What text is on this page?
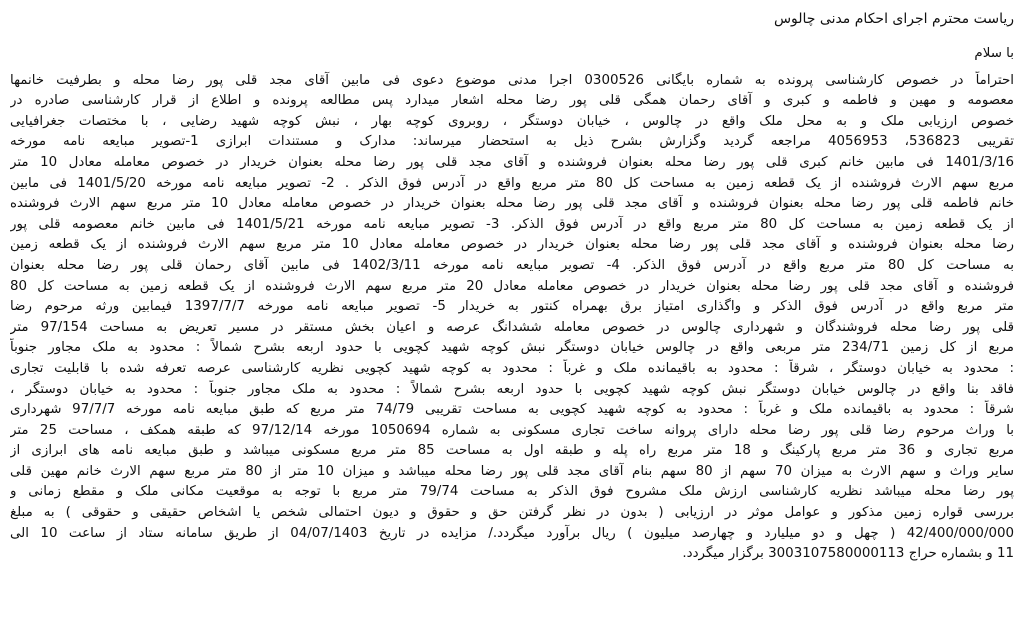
ریاست محترم اجرای احکام مدنی چالوس
با سلام
احتراماً در خصوص کارشناسی پرونده به شماره بایگانی 0300526 اجرا مدنی موضوع دعوی فی مابین آقای مجد قلی پور رضا محله و بطرفیت خانمها
معصومه و مهین و فاطمه و کبری و آقای رحمان همگی قلی پور رضا محله اشعار میدارد پس مطالعه پرونده و اطلاع از قرار کارشناسی صادره در
خصوص ارزیابی ملک و به محل ملک واقع در چالوس ، خیابان دوستگر ، روبروی کوچه بهار ، نبش کوچه شهید رضایی ، با مختصات جغرافیایی
تقریبی 536823، 4056953 مراجعه گردید وگزارش بشرح ذیل به استحضار میرساند: مدارک و مستندات ابرازی 1-تصویر مبایعه نامه مورخه
1401/3/16 فی مابین خانم کبری قلی پور رضا محله بعنوان فروشنده و آقای مجد قلی پور رضا محله بعنوان خریدار در خصوص معامله معادل 10 متر
مربع سهم الارث فروشنده از یک قطعه زمین به مساحت کل 80 متر مربع واقع در آدرس فوق الذکر . 2- تصویر مبایعه نامه مورخه 1401/5/20 فی مابین
خانم فاطمه قلی پور رضا محله بعنوان فروشنده و آقای مجد قلی پور رضا محله بعنوان خریدار در خصوص معامله معادل 10 متر مربع سهم الارث فروشنده
از یک قطعه زمین به مساحت کل 80 متر مربع واقع در آدرس فوق الذکر. 3- تصویر مبایعه نامه مورخه 1401/5/21 فی مابین خانم معصومه قلی پور
رضا محله بعنوان فروشنده و آقای مجد قلی پور رضا محله بعنوان خریدار در خصوص معامله معادل 10 متر مربع سهم الارث فروشنده از یک قطعه زمین
به مساحت کل 80 متر مربع واقع در آدرس فوق الذکر. 4- تصویر مبایعه نامه مورخه 1402/3/11 فی مابین آقای رحمان قلی پور رضا محله بعنوان
فروشنده و آقای مجد قلی پور رضا محله بعنوان خریدار در خصوص معامله معادل 20 متر مربع سهم الارث فروشنده از یک قطعه زمین به مساحت کل 80
متر مربع واقع در آدرس فوق الذکر و واگذاری امتیاز برق بهمراه کنتور به خریدار 5- تصویر مبایعه نامه مورخه 1397/7/7 فیمابین ورثه مرحوم رضا
قلی پور رضا محله فروشندگان و شهرداری چالوس در خصوص معامله ششدانگ عرصه و اعیان بخش مستقر در مسیر تعریض به مساحت 97/154 متر
مربع از کل زمین 234/71 متر مربعی واقع در چالوس خیابان دوستگر نبش کوچه شهید کچویی با حدود اربعه بشرح شمالاً : محدود به ملک مجاور جنوباً
: محدود به خیابان دوستگر ، شرقاً : محدود به باقیمانده ملک و غرباً : محدود به کوچه شهید کچویی نظریه کارشناسی عرصه تعرفه شده با قابلیت تجاری
فاقد بنا واقع در چالوس خیابان دوستگر نبش کوچه شهید کچویی با حدود اربعه بشرح شمالاً : محدود به ملک مجاور جنوباً : محدود به خیابان دوستگر ،
شرقاً : محدود به باقیمانده ملک و غرباً : محدود به کوچه شهید کچویی به مساحت تقریبی 74/79 متر مربع که طبق مبایعه نامه مورخه 97/7/7 شهرداری
با وراث مرحوم رضا قلی پور رضا محله دارای پروانه ساخت تجاری مسکونی به شماره 1050694 مورخه 97/12/14 که طبقه همکف ، مساحت 25 متر
مربع تجاری و 36 متر مربع پارکینگ و 18 متر مربع راه پله و طبقه اول به مساحت 85 متر مربع مسکونی میباشد و طبق مبایعه نامه های ابرازی از
سایر وراث و سهم الارث به میزان 70 سهم از 80 سهم بنام آقای مجد قلی پور رضا محله میباشد و میزان 10 متر از 80 متر مربع سهم الارث خانم مهین قلی
پور رضا محله میباشد نظریه کارشناسی ارزش ملک مشروح فوق الذکر به مساحت 79/74 متر مربع با توجه به موقعیت مکانی ملک و مقطع زمانی و
بررسی قواره زمین مذکور و عوامل موثر در ارزیابی ( بدون در نظر گرفتن حق و حقوق و دیون احتمالی شخص یا اشخاص حقیقی و حقوقی ) به مبلغ
42/400/000/000 ( چهل و دو میلیارد و چهارصد میلیون ) ریال برآورد میگردد./ مزایده در تاریخ 04/07/1403 از طریق سامانه ستاد از ساعت 10 الی
11 و بشماره حراج 3003107580000113 برگزار میگردد.
